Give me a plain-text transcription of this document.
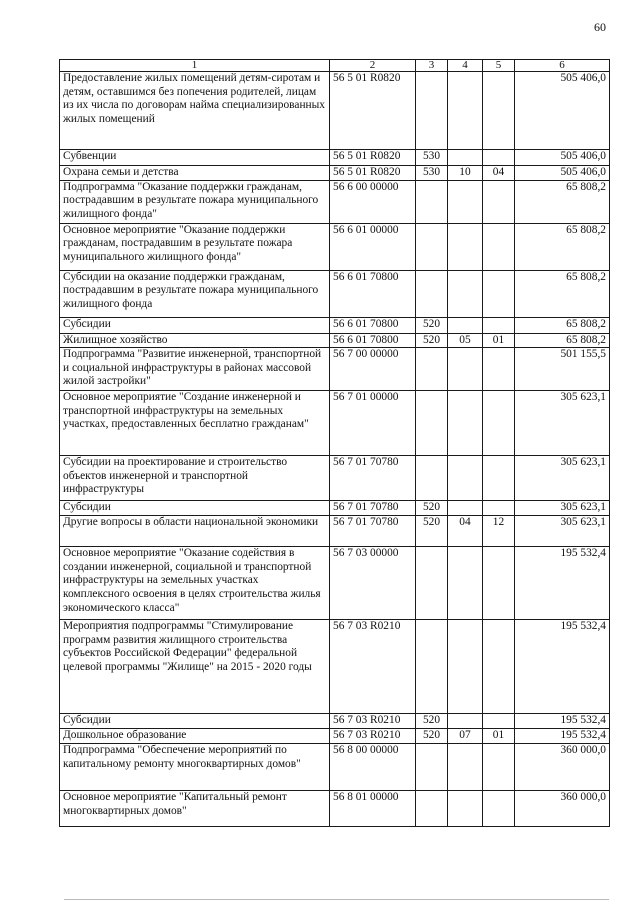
60
1	2	3	4	5	6
Предоставление жилых помещений детям-сиротам и детям, оставшимся без попечения родителей, лицам из их числа по договорам найма специализированных жилых помещений	56 5 01 R0820				505 406,0
Субвенции	56 5 01 R0820	530			505 406,0
Охрана семьи и детства	56 5 01 R0820	530	10	04	505 406,0
Подпрограмма "Оказание поддержки гражданам, пострадавшим в результате пожара муниципального жилищного фонда"	56 6 00 00000				65 808,2
Основное мероприятие "Оказание поддержки гражданам, пострадавшим в результате пожара муниципального жилищного фонда"	56 6 01 00000				65 808,2
Субсидии на оказание поддержки гражданам, пострадавшим в результате пожара муниципального жилищного фонда	56 6 01 70800				65 808,2
Субсидии	56 6 01 70800	520			65 808,2
Жилищное хозяйство	56 6 01 70800	520	05	01	65 808,2
Подпрограмма "Развитие инженерной, транспортной и социальной инфраструктуры в районах массовой жилой застройки"	56 7 00 00000				501 155,5
Основное мероприятие "Создание инженерной и транспортной инфраструктуры на земельных участках, предоставленных бесплатно гражданам"	56 7 01 00000				305 623,1
Субсидии на проектирование и строительство объектов инженерной и транспортной инфраструктуры	56 7 01 70780				305 623,1
Субсидии	56 7 01 70780	520			305 623,1
Другие вопросы в области национальной экономики	56 7 01 70780	520	04	12	305 623,1
Основное мероприятие "Оказание содействия в создании инженерной, социальной и транспортной инфраструктуры на земельных участках комплексного освоения в целях строительства жилья экономического класса"	56 7 03 00000				195 532,4
Мероприятия подпрограммы "Стимулирование программ развития жилищного строительства субъектов Российской Федерации" федеральной целевой программы "Жилище" на 2015 - 2020 годы	56 7 03 R0210				195 532,4
Субсидии	56 7 03 R0210	520			195 532,4
Дошкольное образование	56 7 03 R0210	520	07	01	195 532,4
Подпрограмма "Обеспечение мероприятий по капитальному ремонту многоквартирных домов"	56 8 00 00000				360 000,0
Основное мероприятие "Капитальный ремонт многоквартирных домов"	56 8 01 00000				360 000,0
